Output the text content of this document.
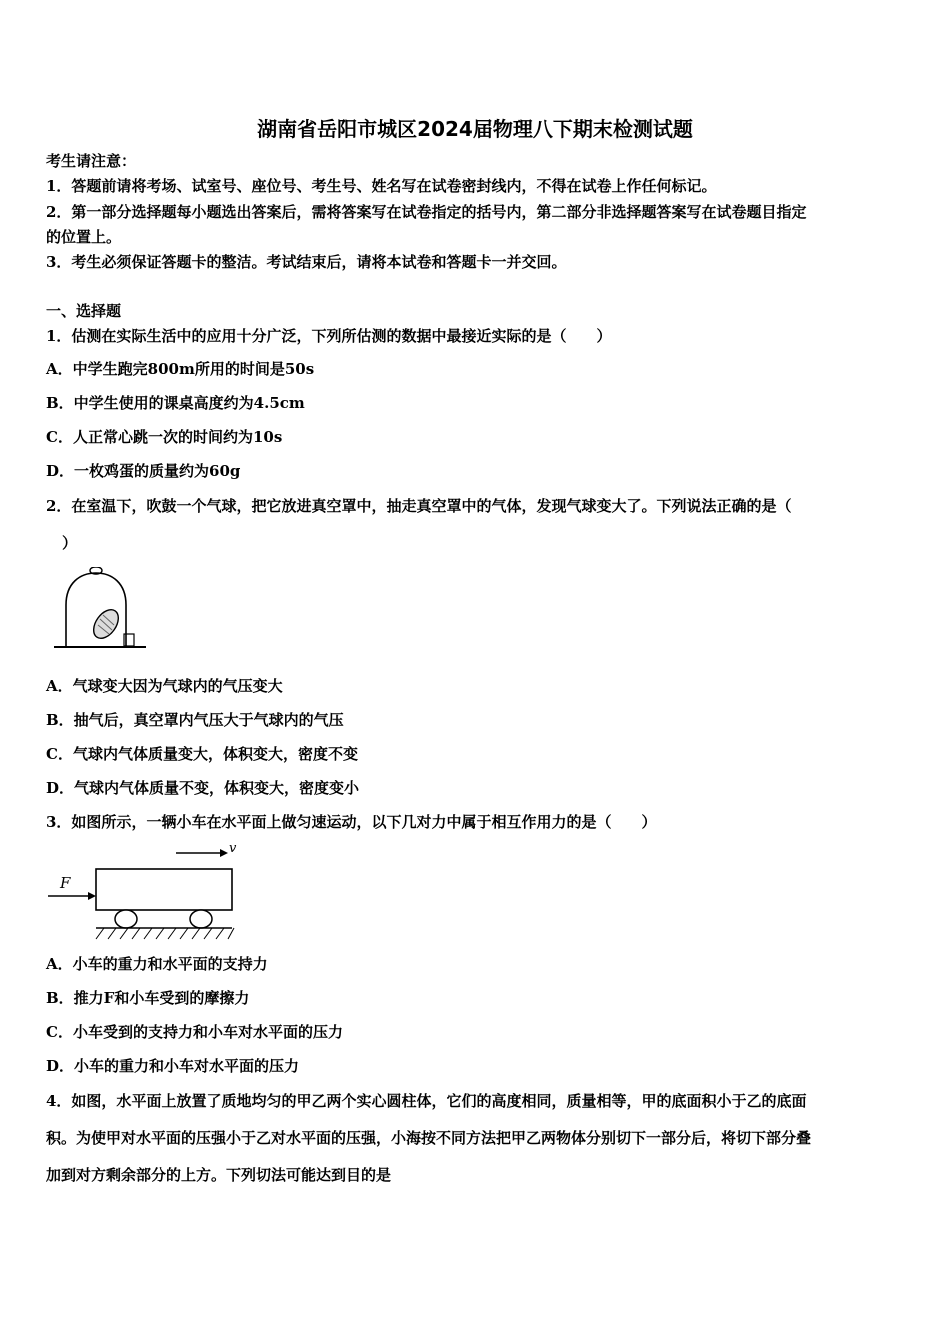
湖南省岳阳市城区2024届物理八下期末检测试题
考生请注意：
1．答题前请将考场、试室号、座位号、考生号、姓名写在试卷密封线内，不得在试卷上作任何标记。
2．第一部分选择题每小题选出答案后，需将答案写在试卷指定的括号内，第二部分非选择题答案写在试卷题目指定
的位置上。
3．考生必须保证答题卡的整洁。考试结束后，请将本试卷和答题卡一并交回。
一、选择题
1．估测在实际生活中的应用十分广泛，下列所估测的数据中最接近实际的是（　　）
A．中学生跑完800m所用的时间是50s
B．中学生使用的课桌高度约为4.5cm
C．人正常心跳一次的时间约为10s
D．一枚鸡蛋的质量约为60g
2．在室温下，吹鼓一个气球，把它放进真空罩中，抽走真空罩中的气体，发现气球变大了。下列说法正确的是（
）
A．气球变大因为气球内的气压变大
B．抽气后，真空罩内气压大于气球内的气压
C．气球内气体质量变大，体积变大，密度不变
D．气球内气体质量不变，体积变大，密度变小
3．如图所示，一辆小车在水平面上做匀速运动，以下几对力中属于相互作用力的是（　　）
v
F
A．小车的重力和水平面的支持力
B．推力F和小车受到的摩擦力
C．小车受到的支持力和小车对水平面的压力
D．小车的重力和小车对水平面的压力
4．如图，水平面上放置了质地均匀的甲乙两个实心圆柱体，它们的高度相同，质量相等，甲的底面积小于乙的底面
积。为使甲对水平面的压强小于乙对水平面的压强，小海按不同方法把甲乙两物体分别切下一部分后，将切下部分叠
加到对方剩余部分的上方。下列切法可能达到目的是
